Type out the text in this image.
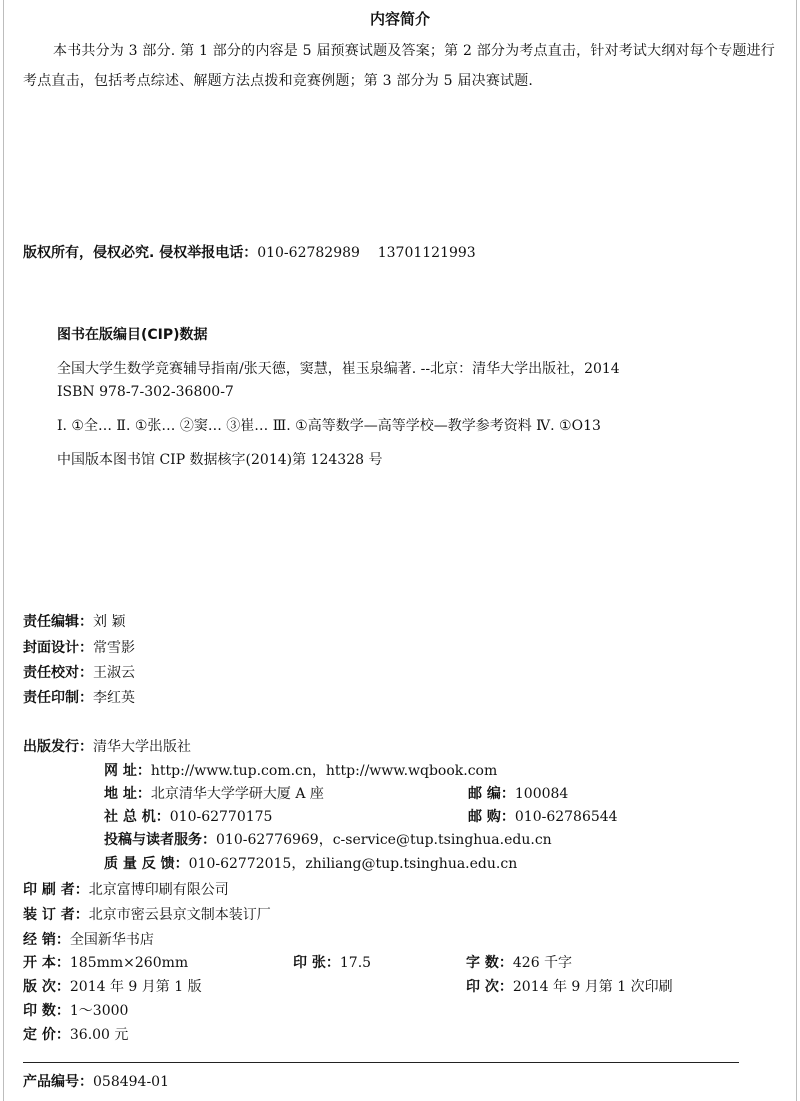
内容简介
本书共分为 3 部分. 第 1 部分的内容是 5 届预赛试题及答案；第 2 部分为考点直击，针对考试大纲对每个专题进行考点直击，包括考点综述、解题方法点拨和竞赛例题；第 3 部分为 5 届决赛试题.
版权所有，侵权必究. 侵权举报电话：010-62782989 13701121993
图书在版编目(CIP)数据
全国大学生数学竞赛辅导指南/张天德，窦慧，崔玉泉编著. --北京：清华大学出版社，2014
ISBN 978-7-302-36800-7
Ⅰ. ①全… Ⅱ. ①张… ②窦… ③崔… Ⅲ. ①高等数学—高等学校—教学参考资料 Ⅳ. ①O13
中国版本图书馆 CIP 数据核字(2014)第 124328 号
责任编辑：刘 颖
封面设计：常雪影
责任校对：王淑云
责任印制：李红英
出版发行：清华大学出版社
网 址：http://www.tup.com.cn，http://www.wqbook.com
地 址：北京清华大学学研大厦 A 座	邮 编：100084
社 总 机：010-62770175	邮 购：010-62786544
投稿与读者服务：010-62776969，c-service@tup.tsinghua.edu.cn
质 量 反 馈：010-62772015，zhiliang@tup.tsinghua.edu.cn
印 刷 者：北京富博印刷有限公司
装 订 者：北京市密云县京文制本装订厂
经 销：全国新华书店
开 本：185mm×260mm	印 张：17.5	字 数：426 千字
版 次：2014 年 9 月第 1 版	印 次：2014 年 9 月第 1 次印刷
印 数：1～3000
定 价：36.00 元
产品编号：058494-01
